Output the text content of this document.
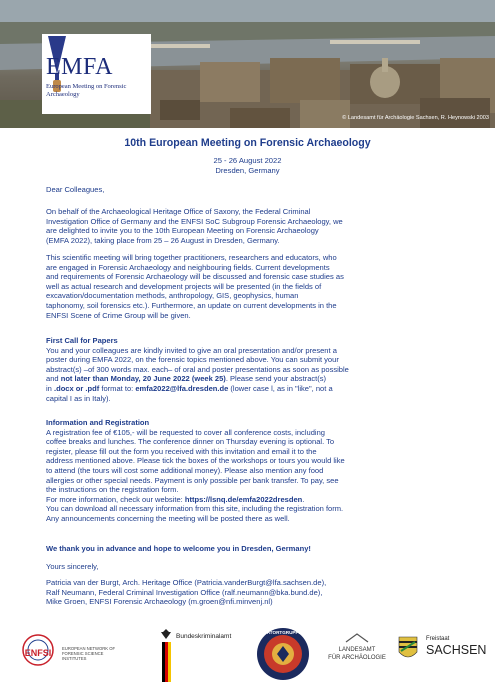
EMFA
European Meeting on Forensic Archaeology
© Landesamt für Archäologie Sachsen, R. Heynowski 2003
10th European Meeting on Forensic Archaeology
25 - 26 August 2022
Dresden, Germany
Dear Colleagues,
On behalf of the Archaeological Heritage Office of Saxony, the Federal Criminal
Investigation Office of Germany and the ENFSI SoC Subgroup Forensic Archaeology, we
are delighted to invite you to the 10th European Meeting on Forensic Archaeology
(EMFA 2022), taking place from 25 – 26 August in Dresden, Germany.
This scientific meeting will bring together practitioners, researchers and educators, who
are engaged in Forensic Archaeology and neighbouring fields. Current developments
and requirements of Forensic Archaeology will be discussed and forensic case studies as
well as actual research and development projects will be presented (in the fields of
excavation/documentation methods, anthropology, GIS, geophysics, human
taphonomy, soil forensics etc.). Furthermore, an update on current developments in the
ENFSI Scene of Crime Group will be given.
First Call for Papers
You and your colleagues are kindly invited to give an oral presentation and/or present a
poster during EMFA 2022, on the forensic topics mentioned above. You can submit your
abstract(s) –of 300 words max. each– of oral and poster presentations as soon as possible
and not later than Monday, 20 June 2022 (week 25). Please send your abstract(s)
in .docx or .pdf format to: emfa2022@lfa.dresden.de (lower case l, as in "like", not a
capital I as in Italy).
Information and Registration
A registration fee of €105,- will be requested to cover all conference costs, including
coffee breaks and lunches. The conference dinner on Thursday evening is optional. To
register, please fill out the form you received with this invitation and email it to the
address mentioned above. Please tick the boxes of the workshops or tours you would like
to attend (the tours will cost some additional money). Please also mention any food
allergies or other special needs. Payment is only possible per bank transfer. To pay, see
the instructions on the registration form.
For more information, check our website: https://lsnq.de/emfa2022dresden.
You can download all necessary information from this site, including the registration form.
Any announcements concerning the meeting will be posted there as well.
We thank you in advance and hope to welcome you in Dresden, Germany!
Yours sincerely,
Patricia van der Burgt, Arch. Heritage Office (Patricia.vanderBurgt@lfa.sachsen.de),
Ralf Neumann, Federal Criminal Investigation Office (ralf.neumann@bka.bund.de),
Mike Groen, ENFSI Forensic Archaeology (m.groen@nfi.minvenj.nl)
ENFSI	EUROPEAN NETWORK OF FORENSIC SCIENCE INSTITUTES
Bundeskriminalamt
TATORTGRUPPE
LANDESAMT
FÜR ARCHÄOLOGIE
Freistaat
SACHSEN
